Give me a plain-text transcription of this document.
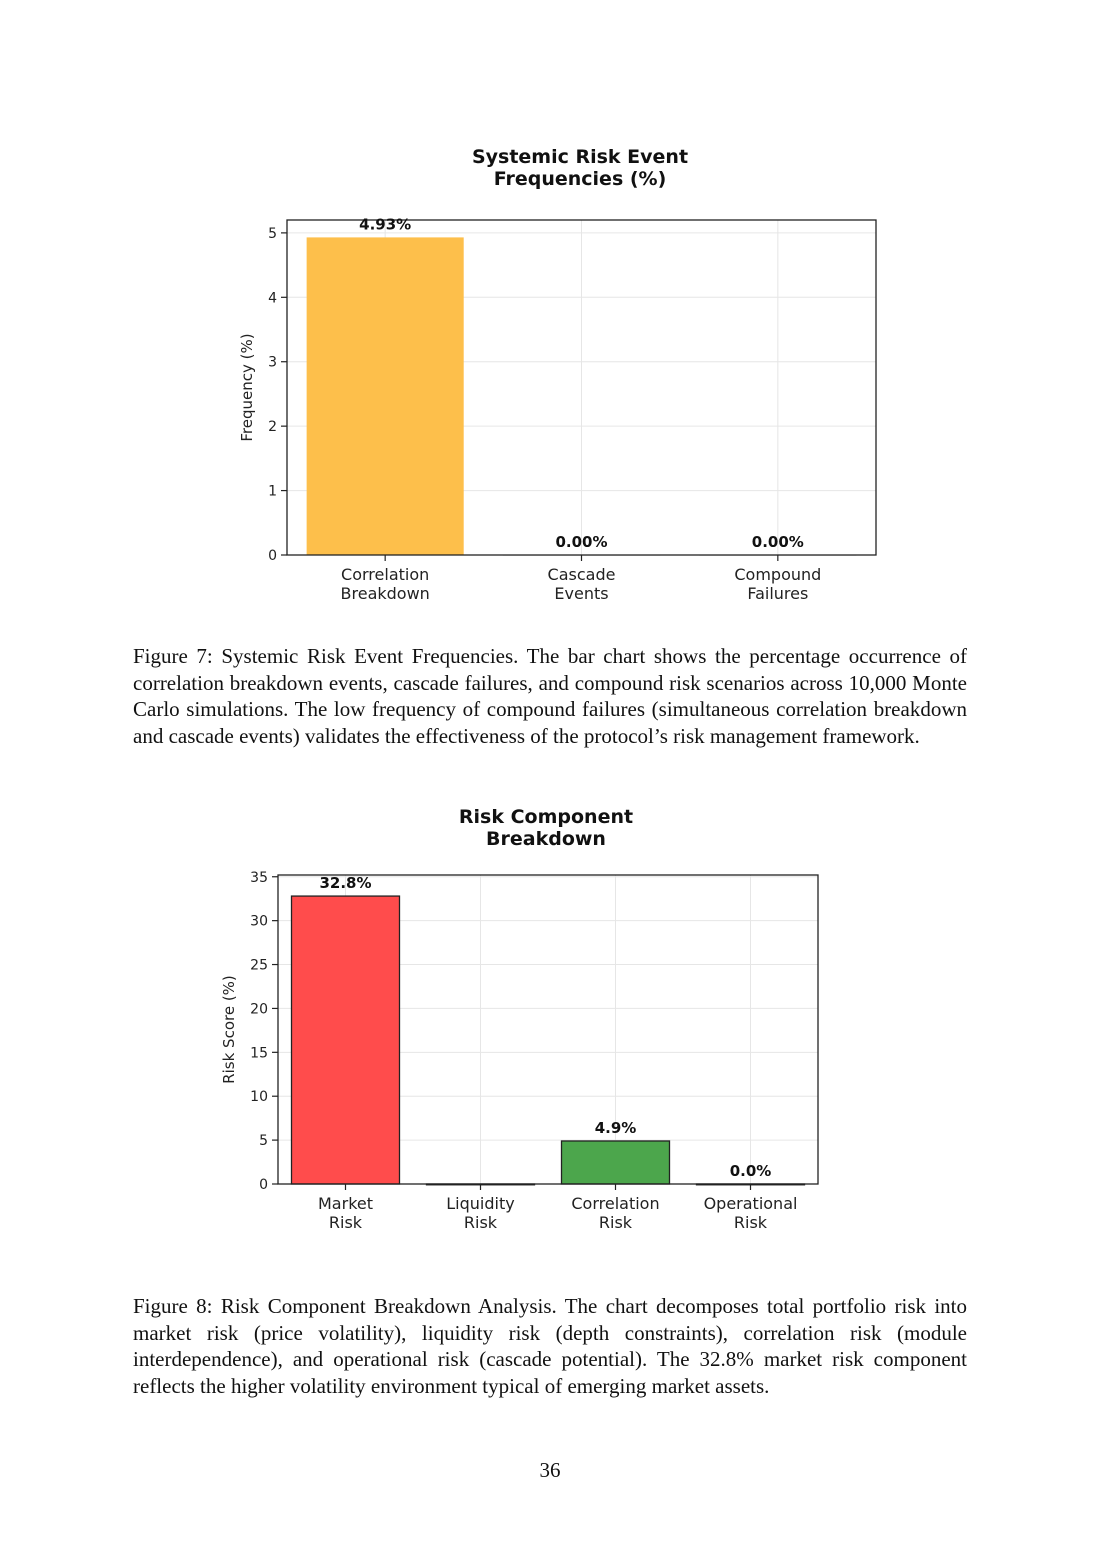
Systemic Risk Event
Frequencies (%)
0
1
2
3
4
5
Correlation
Breakdown
Cascade
Events
Compound
Failures
4.93%
0.00%	0.00%
Frequency (%)
Figure 7: Systemic Risk Event Frequencies. The bar chart shows the percentage occurrence of correlation breakdown events, cascade failures, and compound risk scenarios across 10,000 Monte Carlo simulations. The low frequency of compound failures (simultaneous correlation breakdown and cascade events) validates the effectiveness of the protocol’s risk management framework.
Risk Component
Breakdown
0
5
10
15
20
25
30
35
Market
Risk
Liquidity
Risk
Correlation
Risk
Operational
Risk
32.8%
4.9%
0.0%
Risk Score (%)
Figure 8: Risk Component Breakdown Analysis. The chart decomposes total portfolio risk into market risk (price volatility), liquidity risk (depth constraints), correlation risk (module interdependence), and operational risk (cascade potential). The 32.8% market risk component reflects the higher volatility environment typical of emerging market assets.
36
